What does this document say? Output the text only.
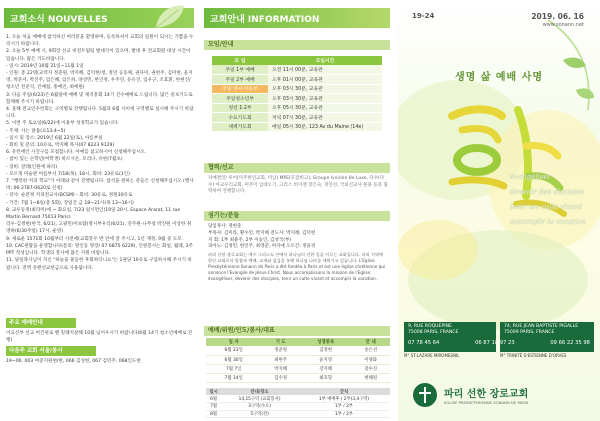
교회소식 NOUVELLES

1. 오늘 처음 예배에 참석하신 여러분을 환영하며, 등록하셔서 교회의 일원이 되시는 기쁨을 누리시기 바랍니다.

2. 오늘 5부 예배 시, 9회장 선교 비전트립팀 발대식이 있으며, 발대 후 전교회원 대상 시간이 있습니다. 많은 기도바랍니다.

- 일시: 2019년 10월 21일~11월 1일

- 인원: 총 22명(교역자 정준원, 박지혜, 김덕현/청, 정연 공동체, 권다미, 권현주, 김미현, 윤지영, 박준서, 박진주, 임은혜, 임은희, 양상민, 한인정, 우주연, 유유진, 임우근, 조효환, 한현진/청소년 전준석, 진예섭, 홍예진, 최예원)

3. 다음 주일(6/23)은 6월말에 예배 및 제직총회 14기 진수예배로 드립니다. 많은 중보기도로 함께해 주시기 바랍니다.

4. 올해 전교인수련회는 구역별로 진행됩니다. 5월과 6월 사이에 구역별로 실시해 주시기 바랍니다.

5. 이번 주 토요일(6/22)에 이용부 성경학교가 있습니다.

- 주제: 사는 말씀(요13:4~5)

- 일시 및 장소: 2019년 6월 22일(토), 아름부실

- 회비 및 문의: 10유로, 박지혜 목사(07 8223 9129)

6. 유턴에인 사진구를 모집합니다. 아예를 참고하시어 신청해주십시오.

- 참이 있는 슨학년(여학생) 바르시온, 모리나, 유한(7월초)

- 장비: 잘레(인원에 따라)

- 모르게 미술관 여름부서 7/18(목), 18시, 회비: 23유로(1인)

7. "행복한 커피 학교"가 아래와 같이 진행됩니다. 참석을 원하는 분들은 신청해주십시오 (행사비: 06-2787-0620로 신청)

- 강사: 순분정 커피전교사(BCSM) - 회비: 30유로, 정원30유로

- 기간: 7월 1~8일(총 5회), 장일간 금 18~21시(목 13~16시)

8. 교우동정(최라미)에 ~ 화요일, 7/23 일시면인(19일 20시, Espace Ararat, 11 rue Martin Bernard 75013 Paris)

리우-김정현(한국, 6/21), 고광민/이보람(명시부우리(6/21), 연주원-나무청 박진원 이상한 취영하(6/30주일) 17시, 운영)

9. 새로운 1571회 10월부터 사전에(교회봉두 반 안에 잘 주시고, 1년 재정, 9월 중 도모.

10. CAC원활을 운영합니다(문의: 원인동 명장/ 07 6875 6229), 인원봉사는 화일, 월례, 3주 PPT 작성입니다. 학생의 봉사에 많은 지원 바랍니다.

11. 당일목사님이 지신 "하늘을 물들한 후회하더니요"는 1권당 10유로 구입하시해 주시기 바랍니다. 전액 유렌선교헌금으로 사용됩니다.

주요 예배안내
이요신부 선교 여건위로 밴 밑례지살해 10월 넘어우시기 바랍니다(6월 14기 청소년예배로 진행)
다음주 교회 서울/봉사
19~06, 003 여준지원현/현, 066 김성현, 067 김민주, 068인도현
교회안내 INFORMATION
모임/안내
모 임	모임시간
주일 1부 예배	오전 11시 00분, 교육관
주일 2부 예배	오후 01시 00분, 교육관
주일 영아·아동부	오후 03시 30분, 교육관
주일청소년부	오후 03시 30분, 교육관
청년 1·2부	오후 05시 30분, 교육관
수요기도회	저녁 07시 30분, 교육관
새벽기도회	매일 05시 30분, 123 Av du Maine (14e)
협력/선교
자매결연/ 루어(미주한인교회, 미남) MPE(모잠비크), Groupe Ivoirien 8e Luxe, 다수(다수) 아교우리교회, 미주이 입대오기, 크리스 비이젠 장은숙, 정연선, 국외선교사 원용 등과 협력하여 진행합니다.
섬기는/분들
담임목사: 정현준
부목사: 김미라, 황수빈, 박지혜 전도사: 박지혜, 김덕현
지 회: 1부 최용주, 2부 이승인, 김성국(부)
피아노: 김정민, 한인주, 최영준, 허지애 오르간: 정윤경
파리 선한 장로교회는 예수 그리스도 안에서 하나님의 선한 일을 이루는 교회입니다. 파리 지역에 한인 교회로서 말씀과 예배, 교제와 섬김을 통해 하나님 나라를 세워가고 있습니다. L'Eglise Presbytérienne Sonann de Paris a été fondée à Paris et est une église chrétienne qui annonce l'Evangile de Jésus-Christ. Nous accomplissons la mission de l'Eglise: évangéliser, devenir des disciples, tenir un culte vivant et accomplir la vocation.
예배/위원/인도/봉사/대표
일 자	기 도	성경봉독	안 내
6월 23일	정준원	김정현	송은선
6월 30일	최현주	윤지영	이양화
7월 7일	박지혜	강지혜	강수진
7월 14일	김수정	최호형	현해원
일시	안내/장소	간식
6월	14,15구역 (교회봉사)	1부 예배후 / 2부(3,4구역)
7월	3구역(수요)	1부 / 2부
8월	5구역(전)	1부 / 2부
19-24	2019. 06. 16
www.sonann.net
생명 삶 예배 사명
évangéliser
devenir des disciples
tenir un culte vivant
accomplir la vocation
9, RUE ROQUEPINE
75008 PARIS, FRANCE
74, RUE JEAN BAPTISTE PIGALLE
75009 PARIS, FRANCE
07 78 45 64	06 87 18 97 23	09 66 22 35 98
M° ST-LAZARE MIROMESNIL	M° TRINITÉ D'ESTIENNE D'ORVES
파리 선한 장로교회
EGLISE PRESBYTERIENNE SONANN DE PARIS
